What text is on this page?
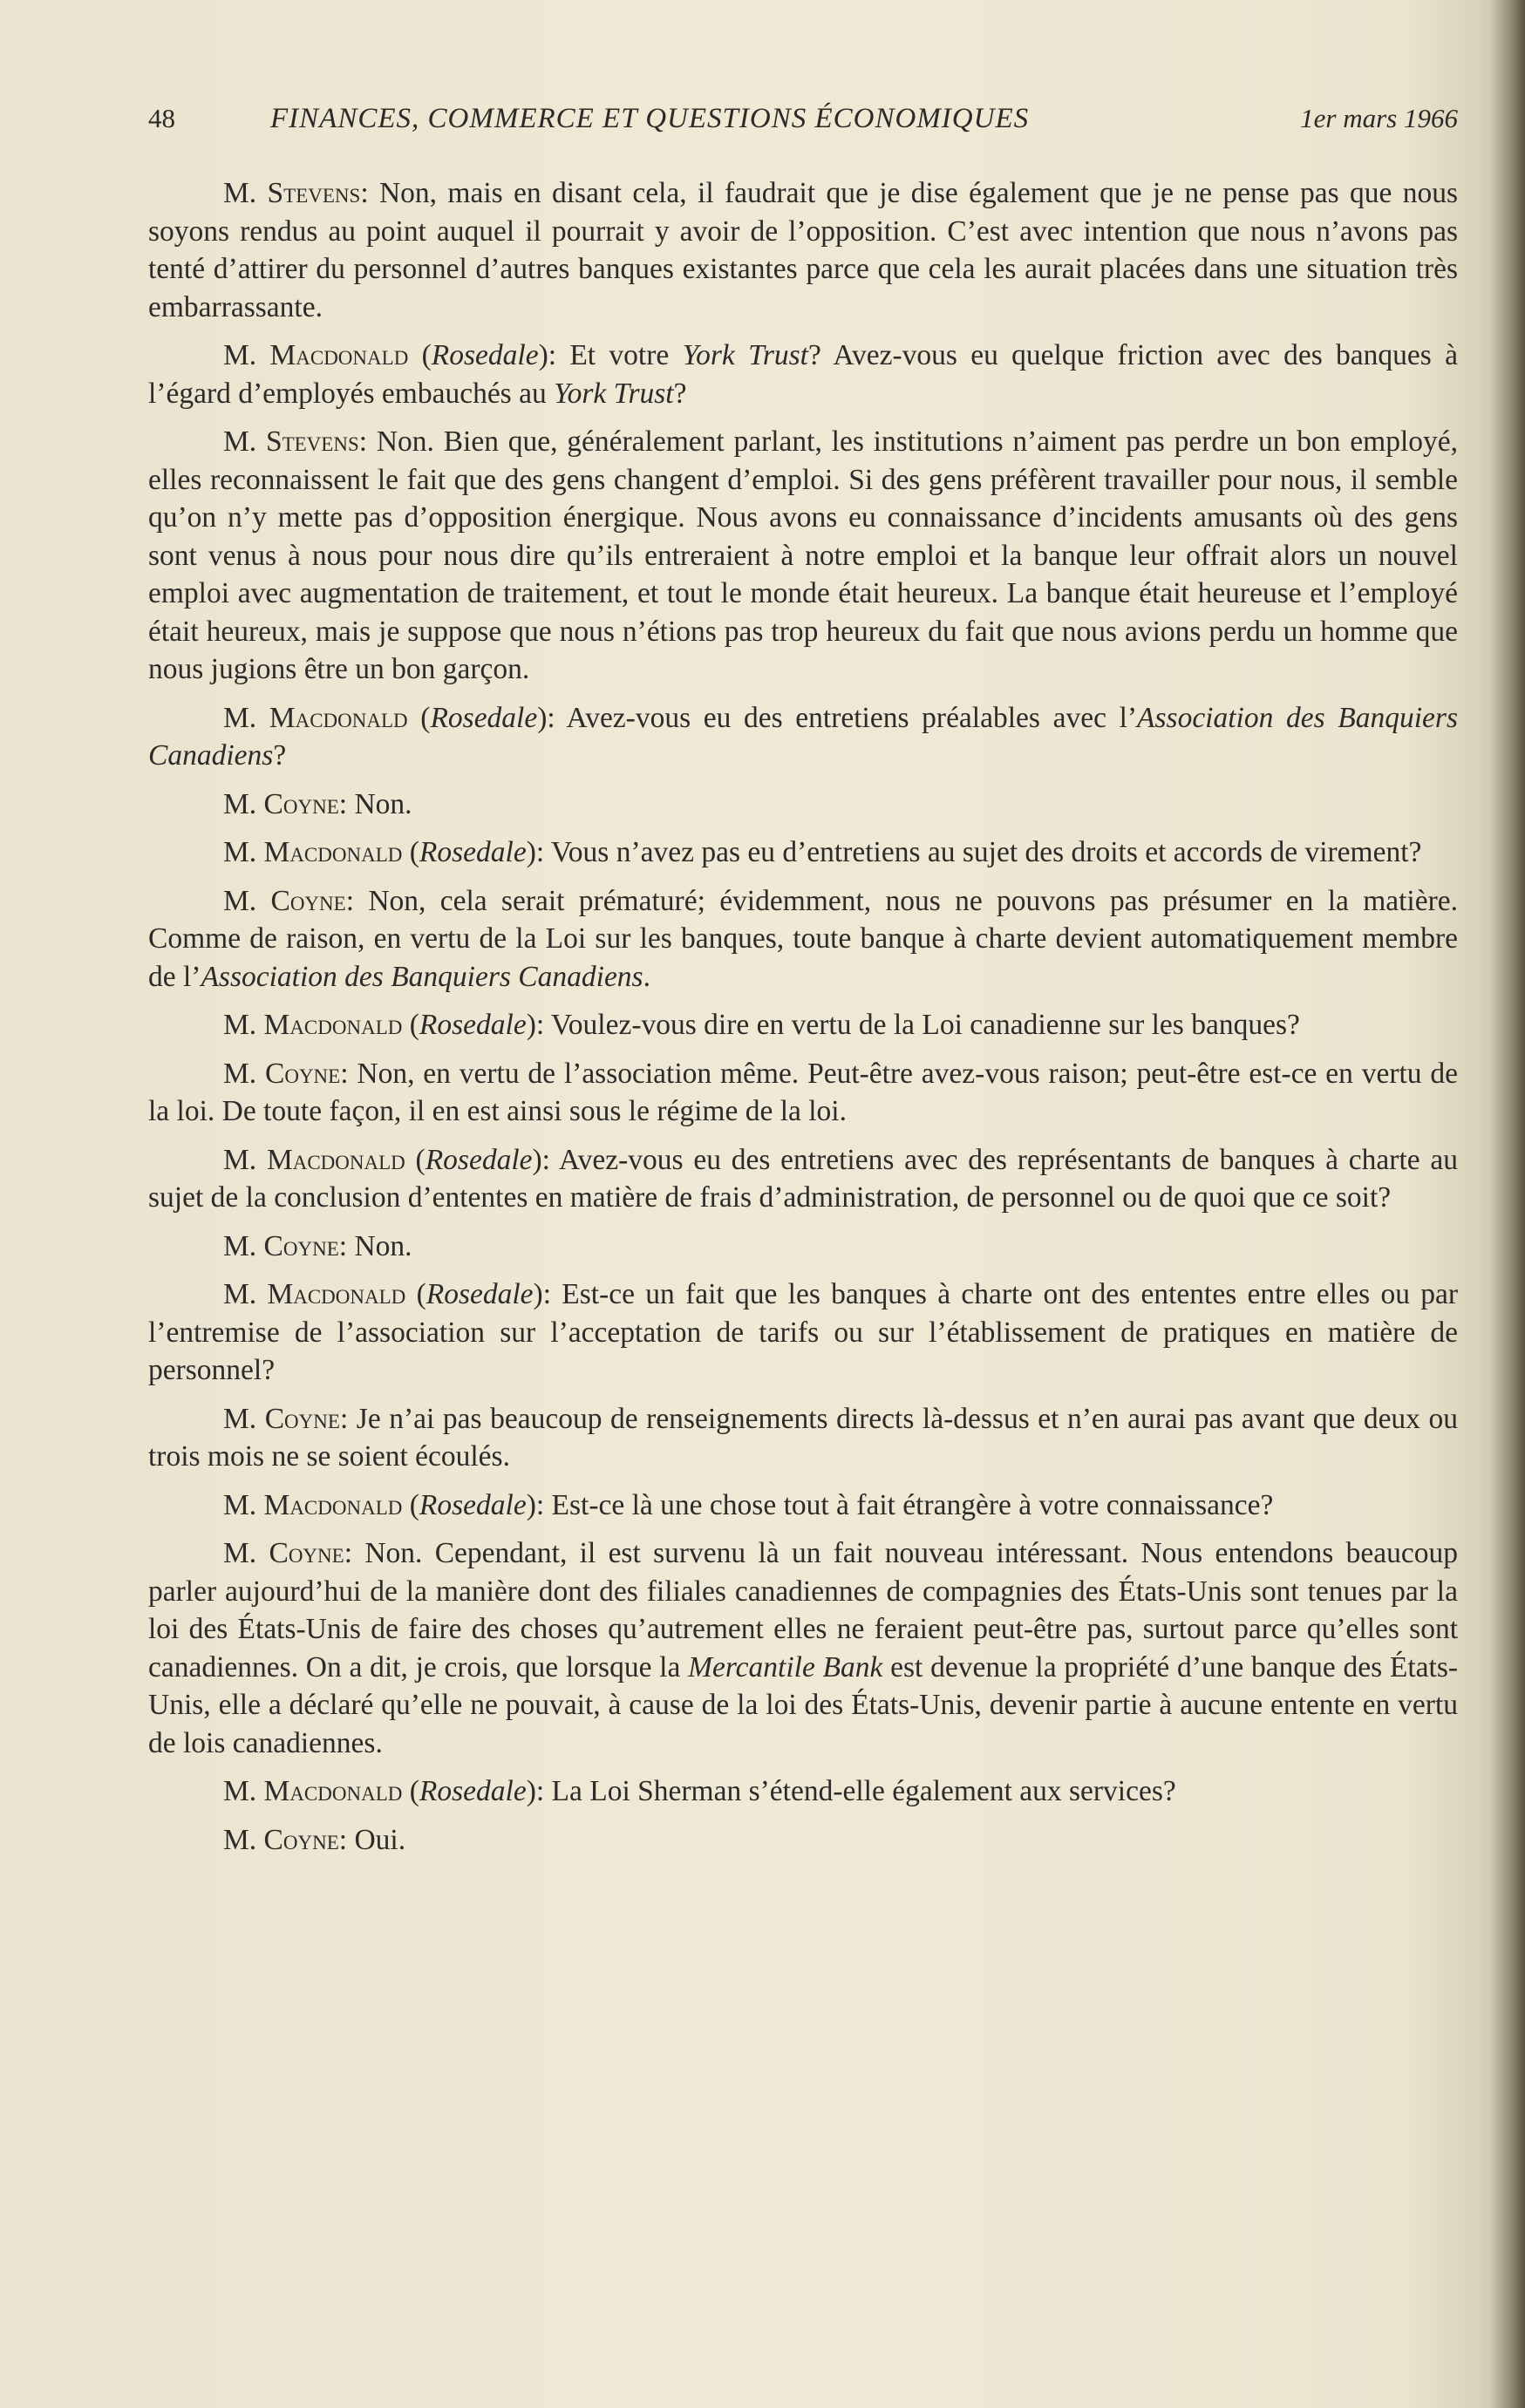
48	FINANCES, COMMERCE ET QUESTIONS ÉCONOMIQUES	1er mars 1966

M. Stevens: Non, mais en disant cela, il faudrait que je dise également que je ne pense pas que nous soyons rendus au point auquel il pourrait y avoir de l’opposition. C’est avec intention que nous n’avons pas tenté d’attirer du personnel d’autres banques existantes parce que cela les aurait placées dans une situation très embarrassante.

M. Macdonald (Rosedale): Et votre York Trust? Avez-vous eu quelque friction avec des banques à l’égard d’employés embauchés au York Trust?

M. Stevens: Non. Bien que, généralement parlant, les institutions n’aiment pas perdre un bon employé, elles reconnaissent le fait que des gens changent d’emploi. Si des gens préfèrent travailler pour nous, il semble qu’on n’y mette pas d’opposition énergique. Nous avons eu connaissance d’incidents amusants où des gens sont venus à nous pour nous dire qu’ils entreraient à notre emploi et la banque leur offrait alors un nouvel emploi avec augmentation de traitement, et tout le monde était heureux. La banque était heureuse et l’employé était heureux, mais je suppose que nous n’étions pas trop heureux du fait que nous avions perdu un homme que nous jugions être un bon garçon.

M. Macdonald (Rosedale): Avez-vous eu des entretiens préalables avec l’Association des Banquiers Canadiens?

M. Coyne: Non.

M. Macdonald (Rosedale): Vous n’avez pas eu d’entretiens au sujet des droits et accords de virement?

M. Coyne: Non, cela serait prématuré; évidemment, nous ne pouvons pas présumer en la matière. Comme de raison, en vertu de la Loi sur les banques, toute banque à charte devient automatiquement membre de l’Association des Banquiers Canadiens.

M. Macdonald (Rosedale): Voulez-vous dire en vertu de la Loi canadienne sur les banques?

M. Coyne: Non, en vertu de l’association même. Peut-être avez-vous raison; peut-être est-ce en vertu de la loi. De toute façon, il en est ainsi sous le régime de la loi.

M. Macdonald (Rosedale): Avez-vous eu des entretiens avec des représentants de banques à charte au sujet de la conclusion d’ententes en matière de frais d’administration, de personnel ou de quoi que ce soit?

M. Coyne: Non.

M. Macdonald (Rosedale): Est-ce un fait que les banques à charte ont des ententes entre elles ou par l’entremise de l’association sur l’acceptation de tarifs ou sur l’établissement de pratiques en matière de personnel?

M. Coyne: Je n’ai pas beaucoup de renseignements directs là-dessus et n’en aurai pas avant que deux ou trois mois ne se soient écoulés.

M. Macdonald (Rosedale): Est-ce là une chose tout à fait étrangère à votre connaissance?

M. Coyne: Non. Cependant, il est survenu là un fait nouveau intéressant. Nous entendons beaucoup parler aujourd’hui de la manière dont des filiales canadiennes de compagnies des États-Unis sont tenues par la loi des États-Unis de faire des choses qu’autrement elles ne feraient peut-être pas, surtout parce qu’elles sont canadiennes. On a dit, je crois, que lorsque la Mercantile Bank est devenue la propriété d’une banque des États-Unis, elle a déclaré qu’elle ne pouvait, à cause de la loi des États-Unis, devenir partie à aucune entente en vertu de lois canadiennes.

M. Macdonald (Rosedale): La Loi Sherman s’étend-elle également aux services?

M. Coyne: Oui.
